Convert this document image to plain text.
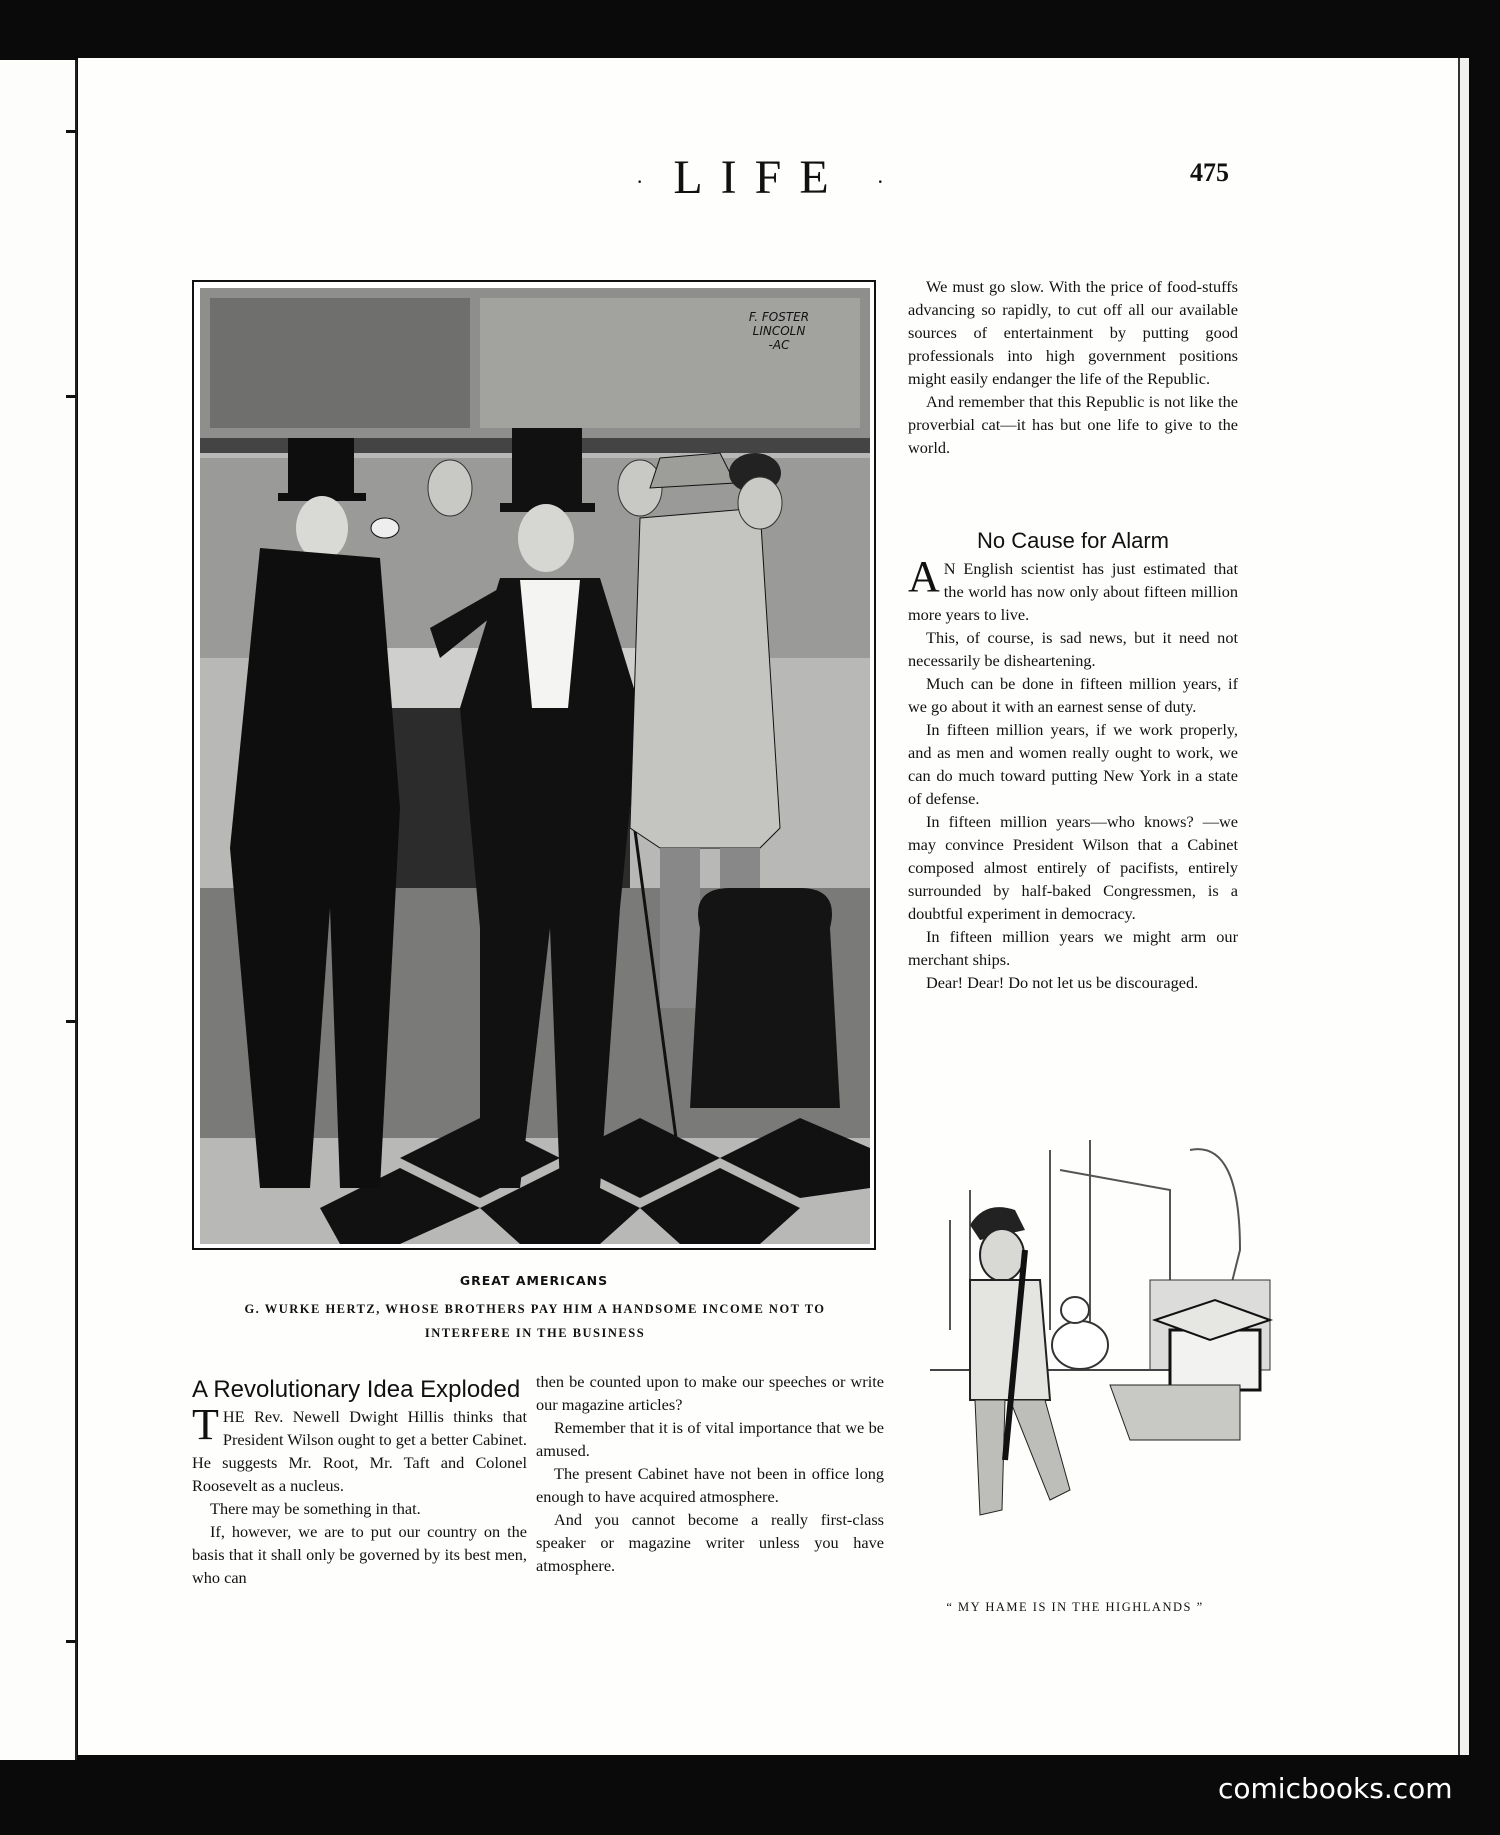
· LIFE ·	475
F. FOSTER
LINCOLN
-AC
GREAT AMERICANS
G. WURKE HERTZ, WHOSE BROTHERS PAY HIM A HANDSOME INCOME NOT TO INTERFERE IN THE BUSINESS

We must go slow. With the price of food-stuffs advancing so rapidly, to cut off all our available sources of entertainment by putting good professionals into high government positions might easily endanger the life of the Republic.

And remember that this Republic is not like the proverbial cat—it has but one life to give to the world.

No Cause for Alarm

A N English scientist has just estimated that the world has now only about fifteen million more years to live.

This, of course, is sad news, but it need not necessarily be disheartening.

Much can be done in fifteen million years, if we go about it with an earnest sense of duty.

In fifteen million years, if we work properly, and as men and women really ought to work, we can do much toward putting New York in a state of defense.

In fifteen million years—who knows? —we may convince President Wilson that a Cabinet composed almost entirely of pacifists, entirely surrounded by half-baked Congressmen, is a doubtful experiment in democracy.

In fifteen million years we might arm our merchant ships.

Dear! Dear! Do not let us be discouraged.

A Revolutionary Idea Exploded

THE Rev. Newell Dwight Hillis thinks that President Wilson ought to get a better Cabinet. He suggests Mr. Root, Mr. Taft and Colonel Roosevelt as a nucleus.

There may be something in that.

If, however, we are to put our country on the basis that it shall only be governed by its best men, who can

then be counted upon to make our speeches or write our magazine articles?

Remember that it is of vital importance that we be amused.

The present Cabinet have not been in office long enough to have acquired atmosphere.

And you cannot become a really first-class speaker or magazine writer unless you have atmosphere.

“ MY HAME IS IN THE HIGHLANDS ”
comicbooks.com
